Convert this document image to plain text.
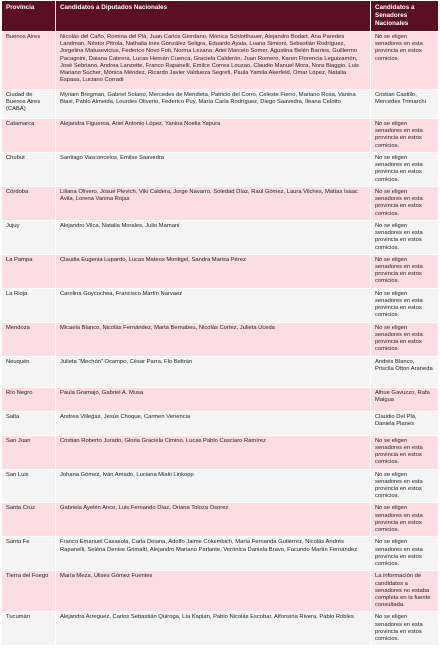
Provincia	Candidatos a Diputados Nacionales	Candidatos a Senadores Nacionales
Buenos Aires	Nicolás del Caño, Romina del Plá, Juan Carlos Giordano, Mónica Schlotthauer, Alejandro Bodart, Ana Paredes Landman, Néstor Pitrola, Nathalia Inés González Seligra, Eduardo Ayala, Luana Simioni, Sebastián Rodríguez, Jorgelina Matusevicius, Federico Novo Foti, Norma Lezana, Ariel Marcelo Somer, Agustina Belén Barrios, Guillermo Pacagnini, Daiana Cabrera, Lucas Hernán Cuenca, Graciela Calderón, Juan Romero, Karen Florencia Leguizamón, José Sebriano, Andrea Lanzette, Franco Rapanelli, Emilce Correa Louzao, Claudio Manuel Mora, Nora Biaggio, Luis Mariano Sucher, Mónica Méndez, Ricardo Javier Valdueza Segreti, Paula Yamila Akerfeld, Omar López, Natalia Espasa, Luciano Corradi	No se eligen senadores en esta provincia en estos comicios.
Ciudad de Buenos Aires (CABA)	Myriam Bregman, Gabriel Solano, Mercedes de Mendieta, Patricio del Corro, Celeste Fierro, Mariano Rosa, Vanina Biasi, Pablo Almeida, Lourdes Oliverio, Federico Puy, María Carla Rodríguez, Diego Saavedra, Ileana Celotto	Cristian Castillo, Mercedes Trimarchi
Catamarca	Alejandra Figueroa, Ariel Antonio López, Yanina Noelia Yapura	No se eligen senadores en esta provincia en estos comicios.
Chubut	Santiago Vasconcelos, Emilse Saavedra	No se eligen senadores en esta provincia en estos comicios.
Córdoba	Liliana Olivero, Josué Plevich, Viki Caldera, Jorge Navarro, Soledad Díaz, Raúl Gómez, Laura Vilches, Matías Isaac Ávila, Lorena Vanina Rojas	No se eligen senadores en esta provincia en estos comicios.
Jujuy	Alejandro Vilca, Natalia Morales, Julio Mamani	No se eligen senadores en esta provincia en estos comicios.
La Pampa	Claudia Eugenia Lupardo, Lucas Mateos Montigel, Sandra Marisa Pérez	No se eligen senadores en esta provincia en estos comicios.
La Rioja	Carolina Goycochea, Francisco Martín Narvaez	No se eligen senadores en esta provincia en estos comicios.
Mendoza	Micaela Blanco, Nicolás Fernández, Marta Bernabeu, Nicolás Cortez, Julieta Uceda	No se eligen senadores en esta provincia en estos comicios.
Neuquén	Julieta “Mechón” Ocampo, César Parra, Flo Beltrán	Andrés Blanco, Priscila Otton Araneda
Río Negro	Paula Gramajo, Gabriel A. Musa	Alhue Gavuzzo, Rafa Maigua
Salta	Andrea Villegas, Jesús Choque, Carmen Venencia	Claudio Del Plá, Daniela Planes
San Juan	Cristian Roberto Jurado, Gloria Graciela Cimino, Lucas Pablo Casciaro Ramírez	No se eligen senadores en esta provincia en estos comicios.
San Luis	Johana Gómez, Iván Amado, Luciana Miaki Linkopp	No se eligen senadores en esta provincia en estos comicios.
Santa Cruz	Gabriela Ayelén Ance, Luis Fernando Díaz, Oriana Toloza Osorez	No se eligen senadores en esta provincia en estos comicios.
Santa Fe	Franco Emanuel Casasola, Carla Deiana, Adolfo Jaime Coluimbich, María Fernanda Gutiérrez, Nicolás Andrés Rapanelli, Seléna Denise Grimaltí, Alejandro Mariano Parlante, Verónica Daniela Bravo, Facundo Martín Fernández	No se eligen senadores en esta provincia en estos comicios.
Tierra del Fuego	María Meza, Ulises Gómez Fuentes	La información de candidatos a senadores no estaba completa en la fuente consultada.
Tucumán	Alejandra Arreguez, Carlos Sebastián Quiroga, Lía Kaplan, Pablo Nicolás Escobar, Alfonsina Rivera, Pablo Robles	No se eligen senadores en esta provincia en estos comicios.
